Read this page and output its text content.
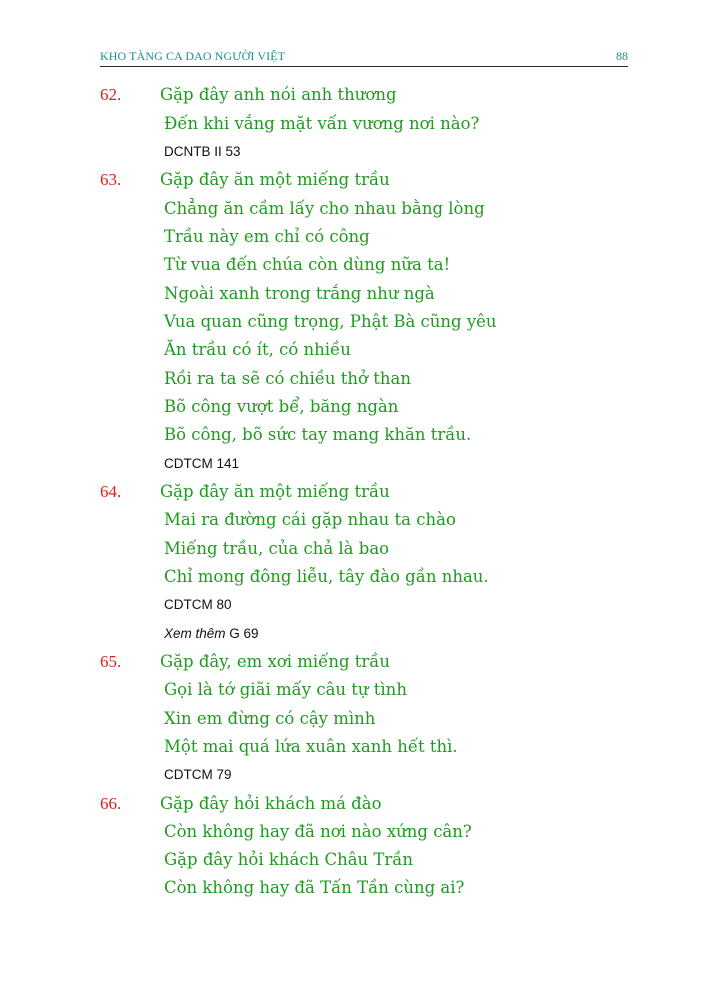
KHO TÀNG CA DAO NGƯỜI VIỆT	88
62. Gặp đây anh nói anh thương
Đến khi vắng mặt vấn vương nơi nào?
DCNTB II 53
63. Gặp đây ăn một miếng trầu
Chẳng ăn cầm lấy cho nhau bằng lòng
Trầu này em chỉ có công
Từ vua đến chúa còn dùng nữa ta!
Ngoài xanh trong trắng như ngà
Vua quan cũng trọng, Phật Bà cũng yêu
Ăn trầu có ít, có nhiều
Rồi ra ta sẽ có chiều thở than
Bõ công vượt bể, băng ngàn
Bõ công, bõ sức tay mang khăn trầu.
CDTCM 141
64. Gặp đây ăn một miếng trầu
Mai ra đường cái gặp nhau ta chào
Miếng trầu, của chả là bao
Chỉ mong đông liễu, tây đào gần nhau.
CDTCM 80
Xem thêm G 69
65. Gặp đây, em xơi miếng trầu
Gọi là tớ giãi mấy câu tự tình
Xin em đừng có cậy mình
Một mai quá lứa xuân xanh hết thì.
CDTCM 79
66. Gặp đây hỏi khách má đào
Còn không hay đã nơi nào xứng cân?
Gặp đây hỏi khách Châu Trần
Còn không hay đã Tấn Tần cùng ai?
